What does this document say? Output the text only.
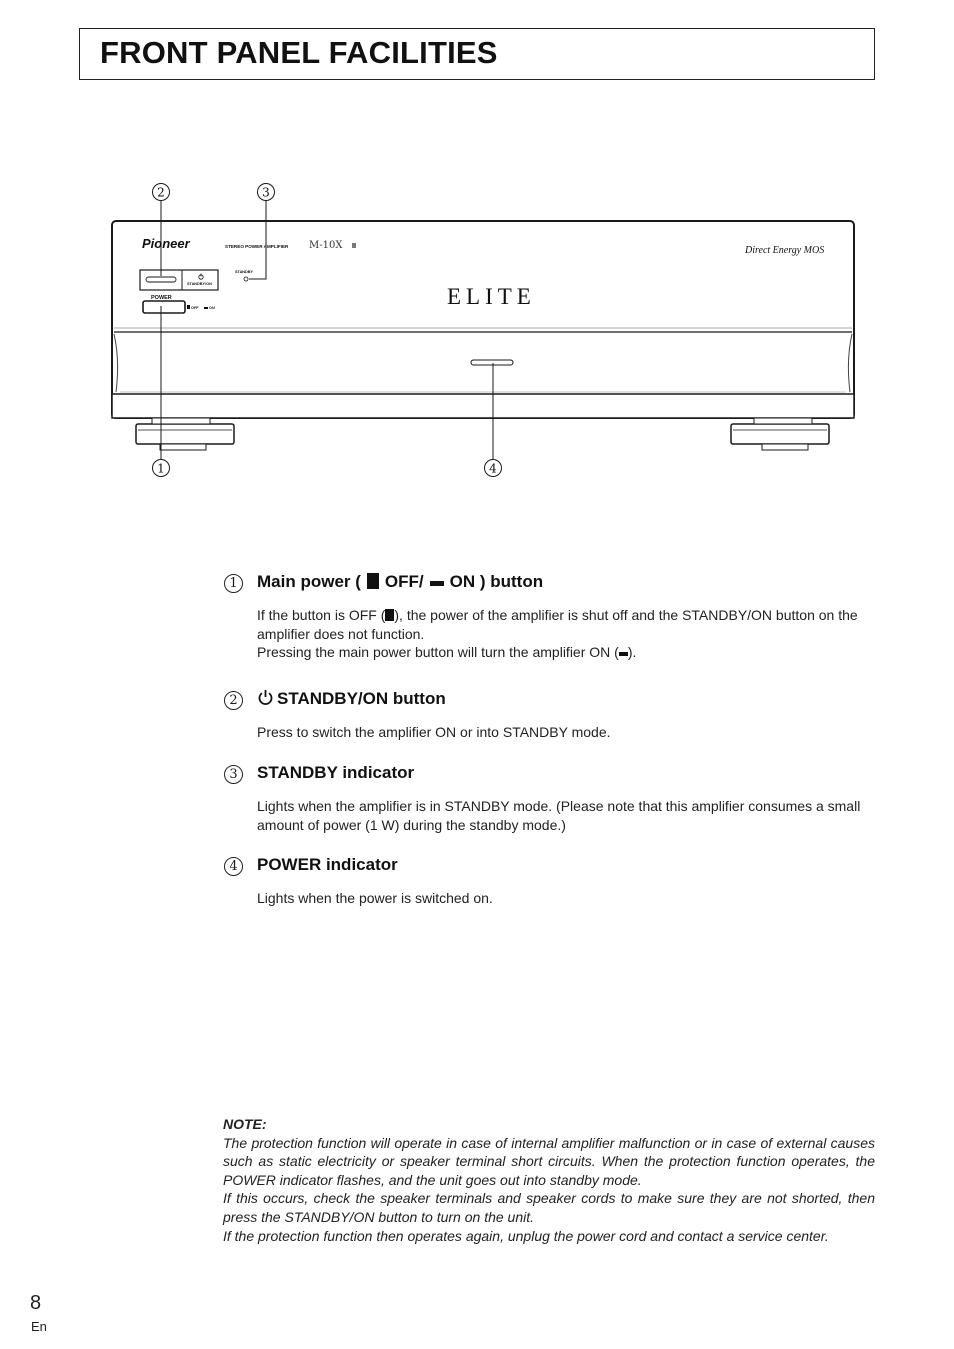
FRONT PANEL FACILITIES
Pioneer	STEREO POWER AMPLIFIER M-10X	Direct Energy MOS
ELITE
STANDBY/ON
STANDBY
POWER
OFF	ON
2	3
1	4
1	Main power ( OFF/ ON ) button

If the button is OFF ( ), the power of the amplifier is shut off and the STANDBY/ON button on the amplifier does not function.
Pressing the main power button will turn the amplifier ON ( ).

2	STANDBY/ON button

Press to switch the amplifier ON or into STANDBY mode.

3	STANDBY indicator

Lights when the amplifier is in STANDBY mode. (Please note that this amplifier consumes a small amount of power (1 W) during the standby mode.)

4	POWER indicator

Lights when the power is switched on.

NOTE:

The protection function will operate in case of internal amplifier malfunction or in case of external causes such as static electricity or speaker terminal short circuits. When the protection function operates, the POWER indicator flashes, and the unit goes out into standby mode.

If this occurs, check the speaker terminals and speaker cords to make sure they are not shorted, then press the STANDBY/ON button to turn on the unit.

If the protection function then operates again, unplug the power cord and contact a service center.

8
En
